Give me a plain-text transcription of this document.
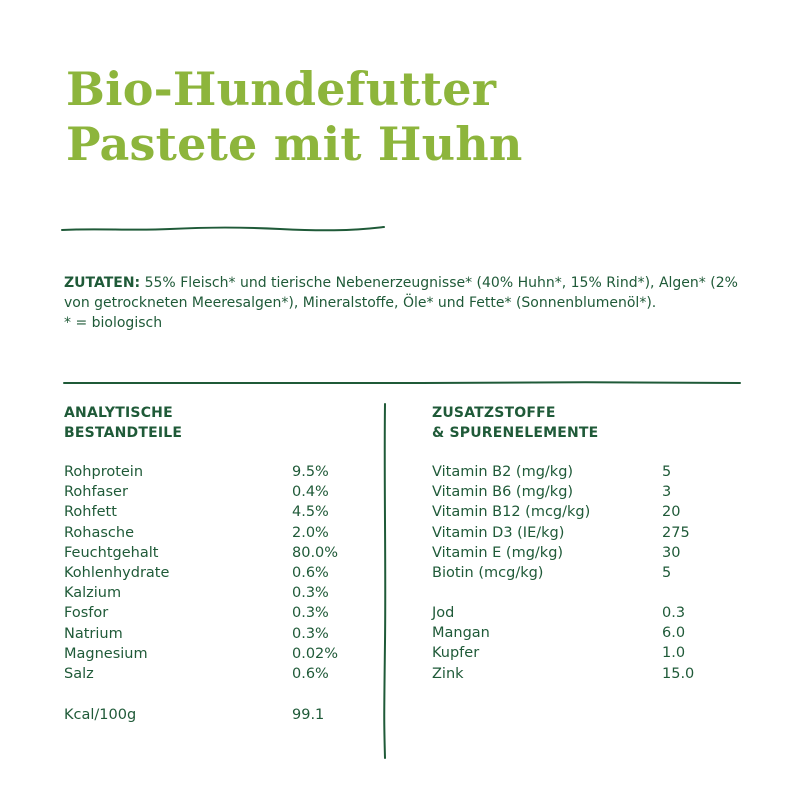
Bio-Hundefutter
Pastete mit Huhn
ZUTATEN: 55% Fleisch* und tierische Nebenerzeugnisse* (40% Huhn*, 15% Rind*), Algen* (2% von getrockneten Meeresalgen*), Mineralstoffe, Öle* und Fette* (Sonnenblumenöl*).
* = biologisch
ANALYTISCHE
BESTANDTEILE
ZUSATZSTOFFE
& SPURENELEMENTE
Rohprotein	9.5%
Rohfaser	0.4%
Rohfett	4.5%
Rohasche	2.0%
Feuchtgehalt	80.0%
Kohlenhydrate	0.6%
Kalzium	0.3%
Fosfor	0.3%
Natrium	0.3%
Magnesium	0.02%
Salz	0.6%
Kcal/100g	99.1
Vitamin B2 (mg/kg)	5
Vitamin B6 (mg/kg)	3
Vitamin B12 (mcg/kg)	20
Vitamin D3 (IE/kg)	275
Vitamin E (mg/kg)	30
Biotin (mcg/kg)	5
Jod	0.3
Mangan	6.0
Kupfer	1.0
Zink	15.0
